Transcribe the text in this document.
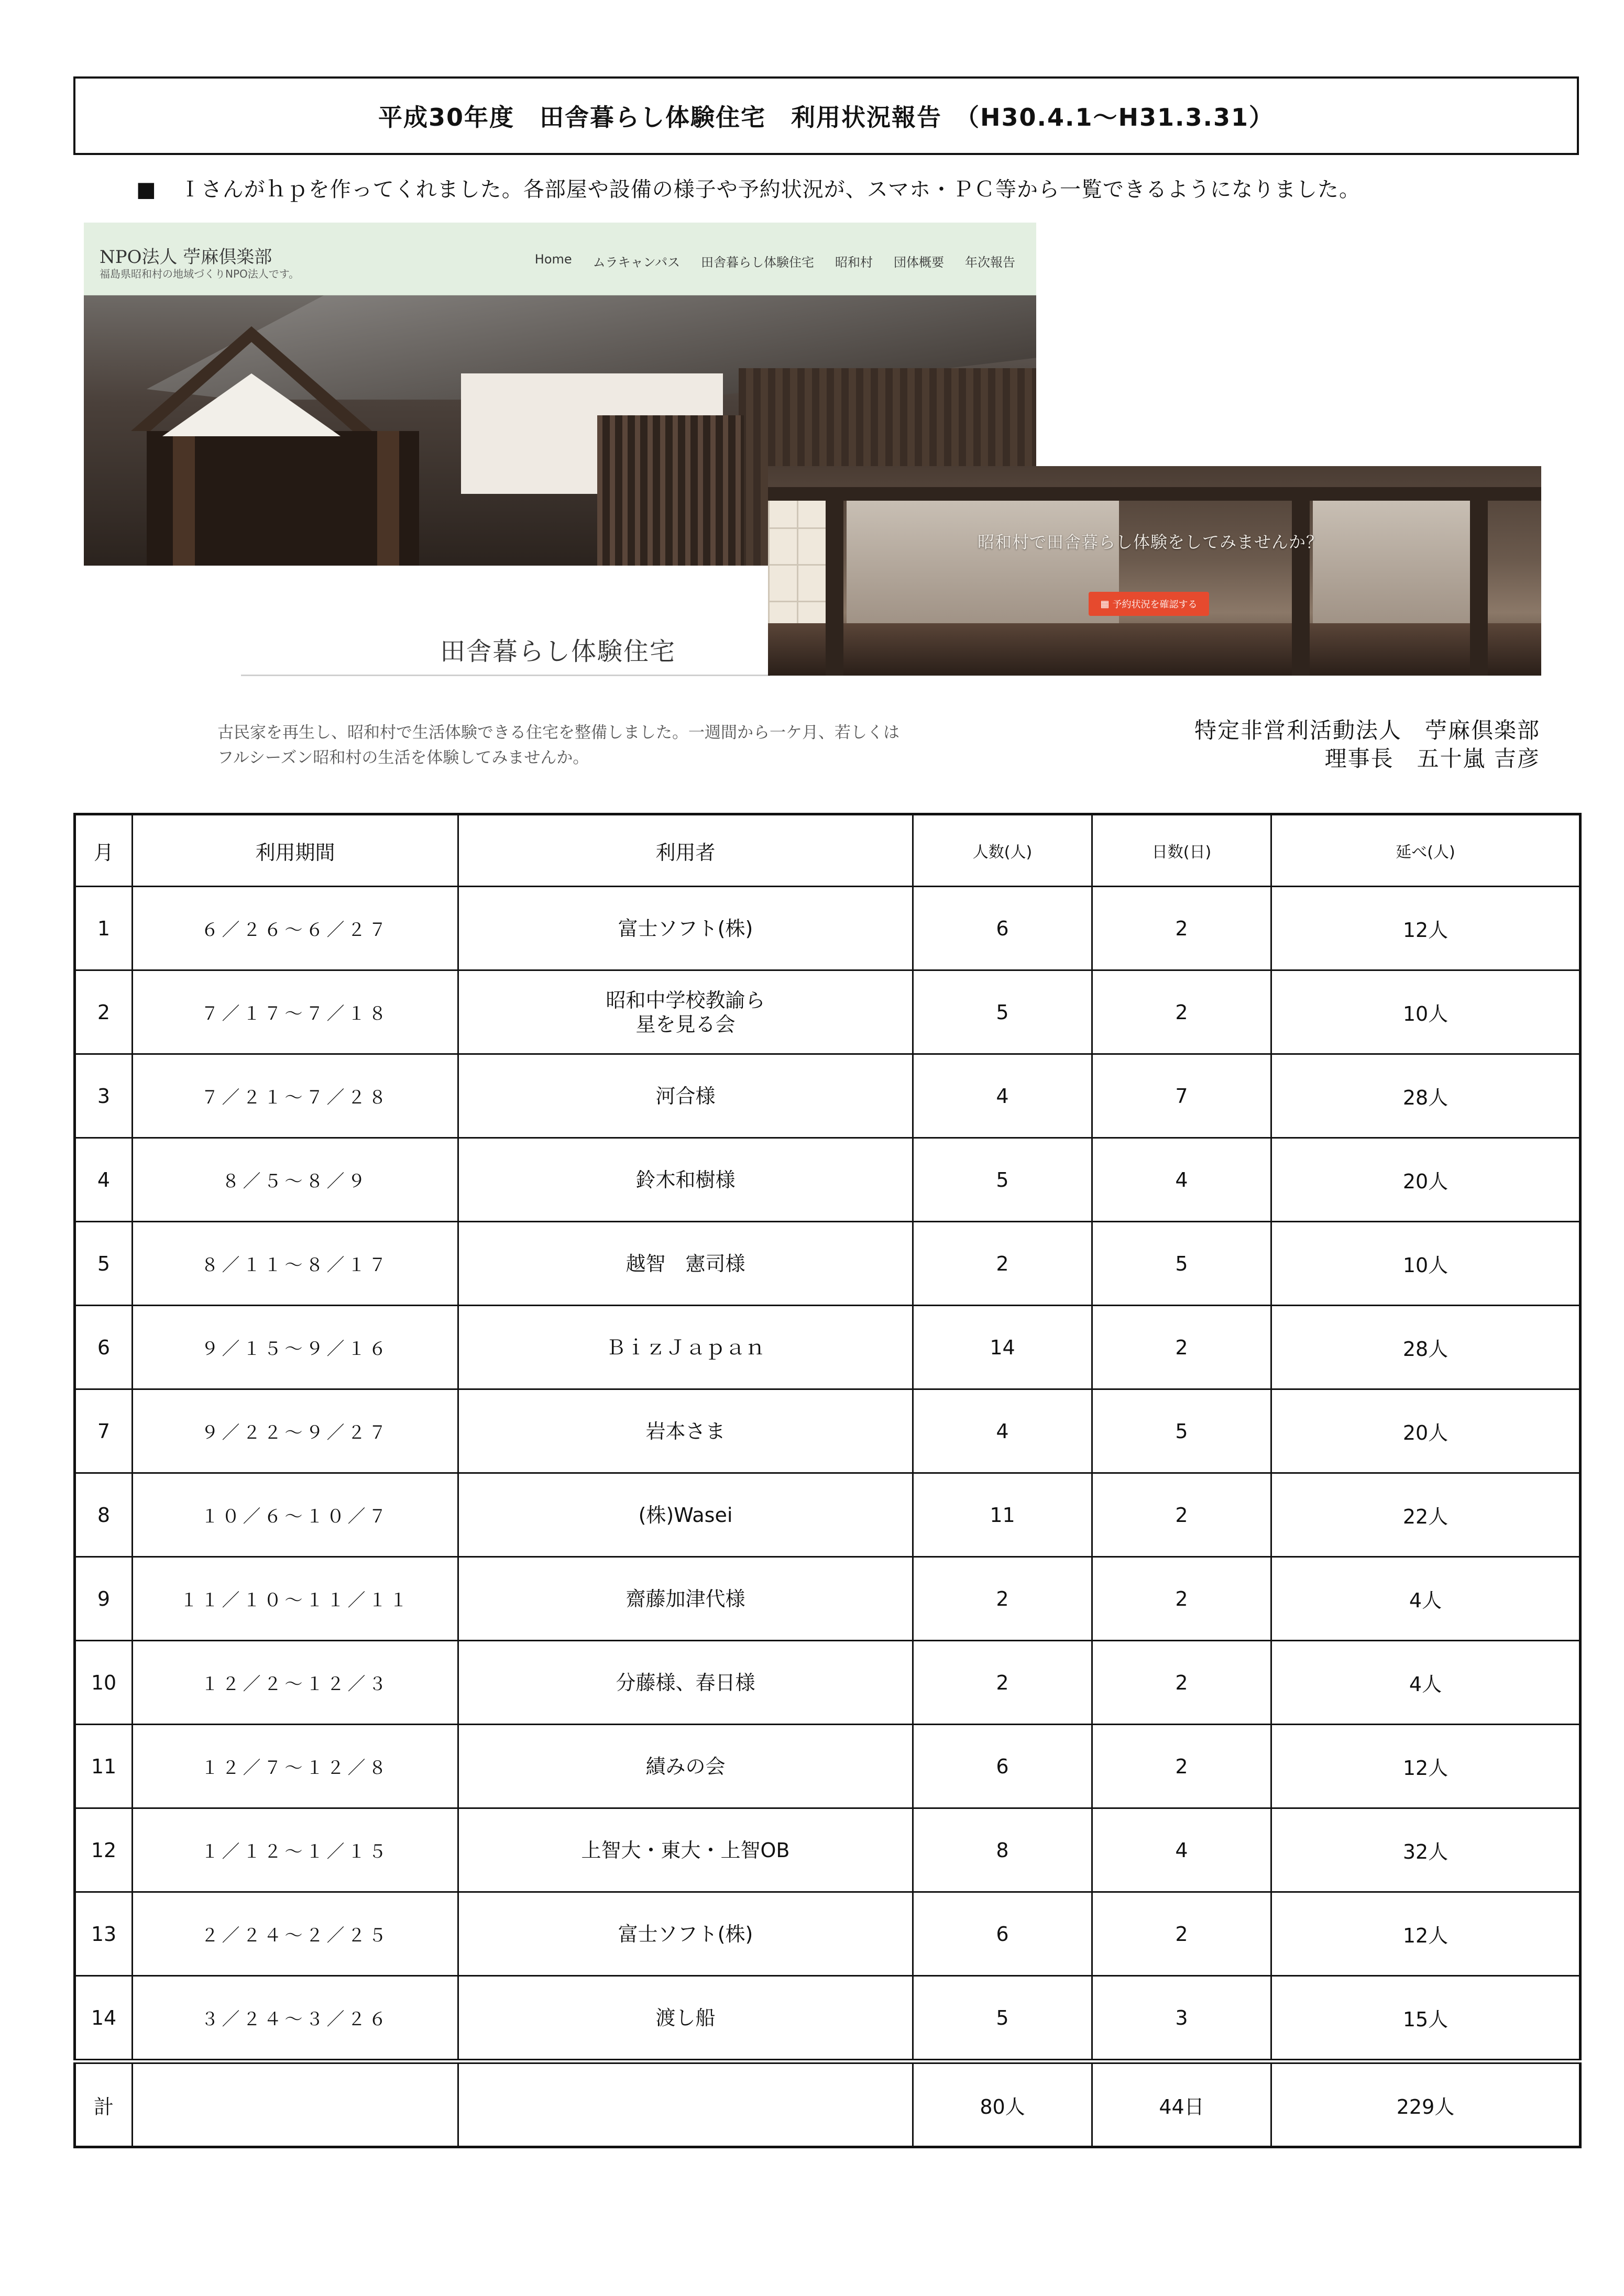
平成30年度　田舎暮らし体験住宅　利用状況報告　（H30.4.1～H31.3.31）
■ Ｉさんがｈｐを作ってくれました。各部屋や設備の様子や予約状況が、スマホ・ＰＣ等から一覧できるようになりました。
NPO法人 苧麻倶楽部
福島県昭和村の地域づくりNPO法人です。
Home ムラキャンパス 田舎暮らし体験住宅 昭和村 団体概要 年次報告
田舎暮らし体験住宅
昭和村で田舎暮らし体験をしてみませんか？
▦ 予約状況を確認する
古民家を再生し、昭和村で生活体験できる住宅を整備しました。一週間から一ケ月、若しくはフルシーズン昭和村の生活を体験してみませんか。
特定非営利活動法人　苧麻倶楽部
理事長　五十嵐 吉彦
月	利用期間	利用者	人数(人)	日数(日)	延べ(人)
1	６／２６～６／２７	富士ソフト(株)	6	2	12人
2	７／１７～７／１８	昭和中学校教諭ら
星を見る会	5	2	10人
3	７／２１～７／２８	河合様	4	7	28人
4	８／５～８／９	鈴木和樹様	5	4	20人
5	８／１１～８／１７	越智　憲司様	2	5	10人
6	９／１５～９／１６	ＢｉｚＪａｐａｎ	14	2	28人
7	９／２２～９／２７	岩本さま	4	5	20人
8	１０／６～１０／７	(株)Wasei	11	2	22人
9	１１／１０～１１／１１	齋藤加津代様	2	2	4人
10	１２／２～１２／３	分藤様、春日様	2	2	4人
11	１２／７～１２／８	績みの会	6	2	12人
12	１／１２～１／１５	上智大・東大・上智OB	8	4	32人
13	２／２４～２／２５	富士ソフト(株)	6	2	12人
14	３／２４～３／２６	渡し船	5	3	15人
計			80人	44日	229人
